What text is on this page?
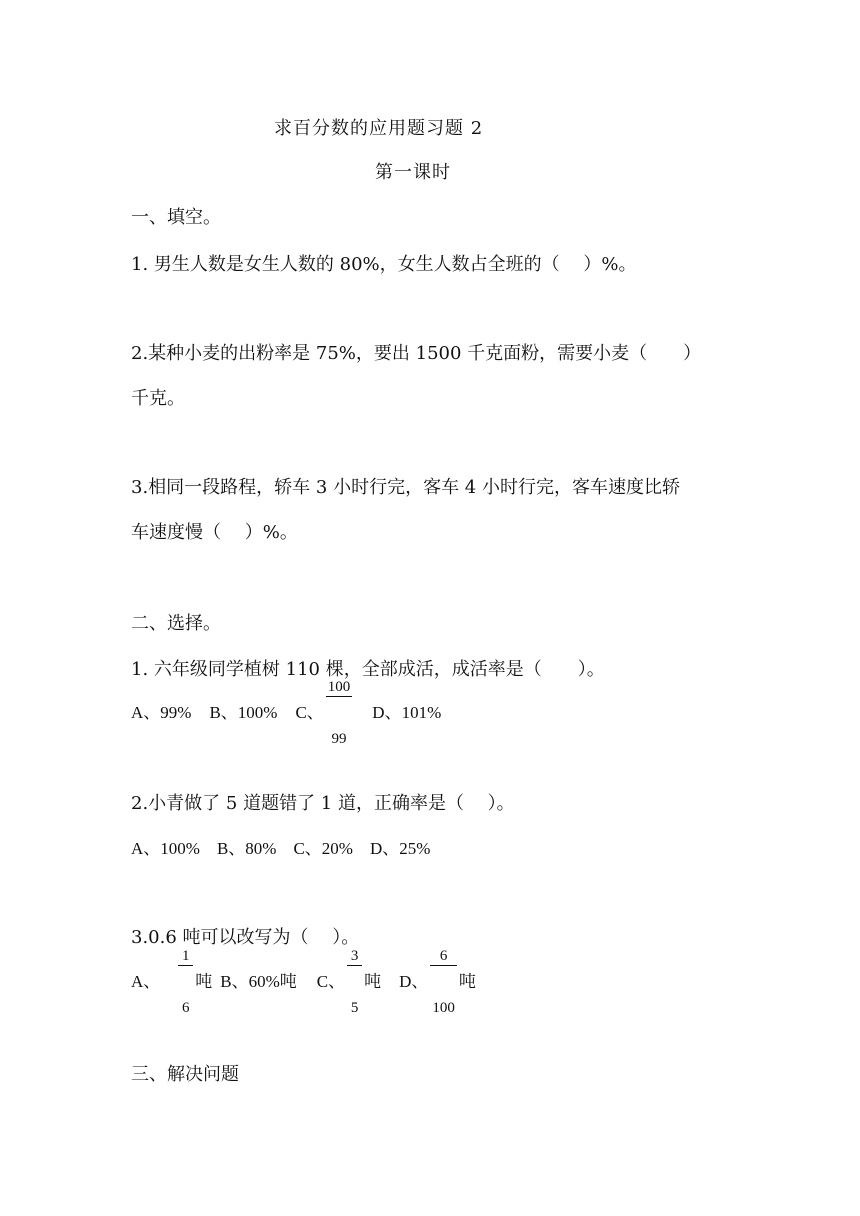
求百分数的应用题习题 2
第一课时
一、填空。
1. 男生人数是女生人数的 80%，女生人数占全班的（　 ）%。
2.某种小麦的出粉率是 75%，要出 1500 千克面粉，需要小麦（　　）
千克。
3.相同一段路程，轿车 3 小时行完，客车 4 小时行完，客车速度比轿
车速度慢（　 ）%。
二、选择。
1. 六年级同学植树 110 棵，全部成活，成活率是（　　）。
A、99% B、100% C、

$\frac{100}{99}$

D、101%
2.小青做了 5 道题错了 1 道，正确率是（　 ）。
A、100%　B、80%　C、20%　D、25%
3.0.6 吨可以改写为（　 ）。
A、

$\frac{1}{6}$

吨 B、60%吨 C、

$\frac{3}{5}$

吨 D、

$\frac{6}{100}$

吨
三、解决问题
